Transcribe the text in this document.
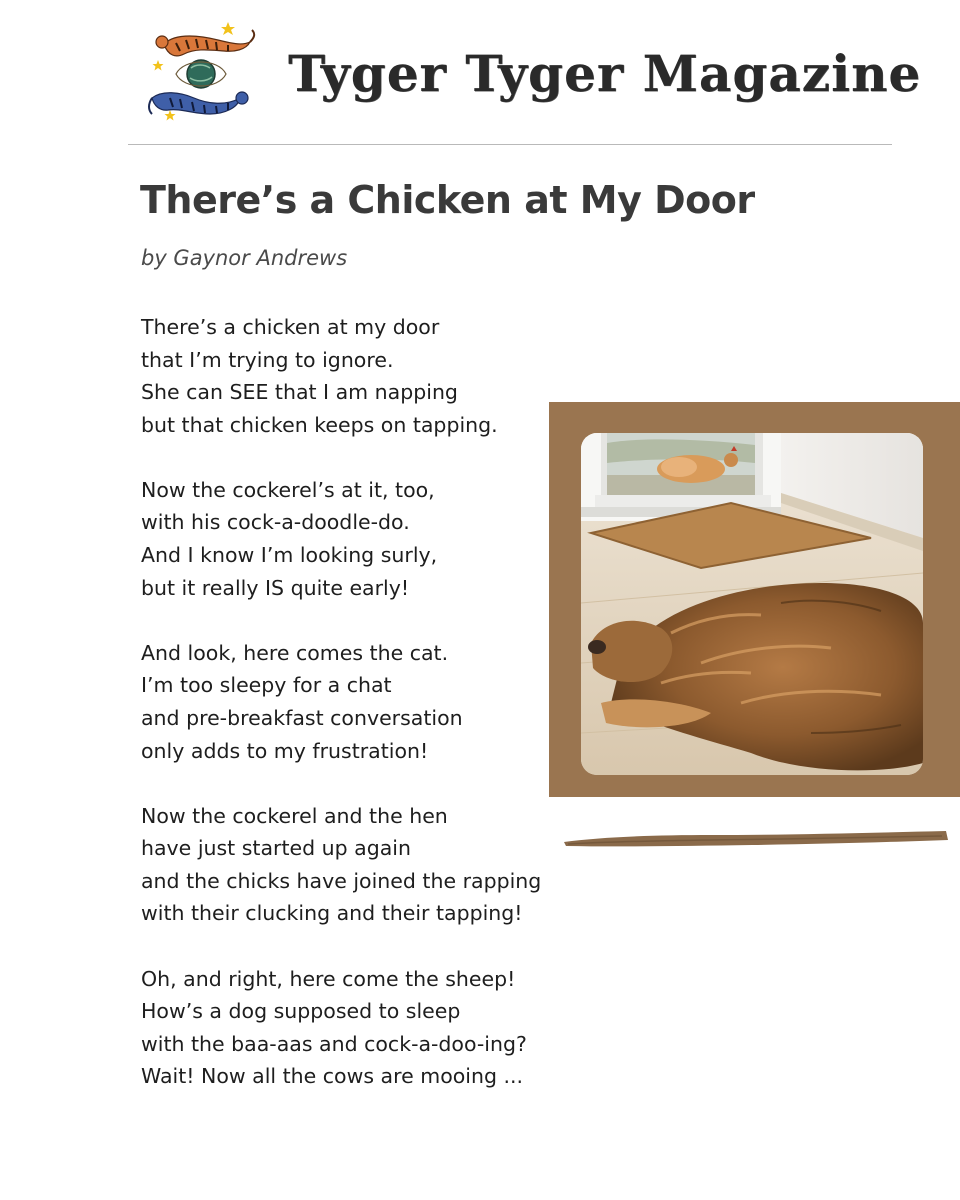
Tyger Tyger Magazine
There’s a Chicken at My Door
by Gaynor Andrews
There’s a chicken at my door
that I’m trying to ignore.
She can SEE that I am napping
but that chicken keeps on tapping.
Now the cockerel’s at it, too,
with his cock-a-doodle-do.
And I know I’m looking surly,
but it really IS quite early!
And look, here comes the cat.
I’m too sleepy for a chat
and pre-breakfast conversation
only adds to my frustration!
Now the cockerel and the hen
have just started up again
and the chicks have joined the rapping
with their clucking and their tapping!
Oh, and right, here come the sheep!
How’s a dog supposed to sleep
with the baa-aas and cock-a-doo-ing?
Wait! Now all the cows are mooing ...
